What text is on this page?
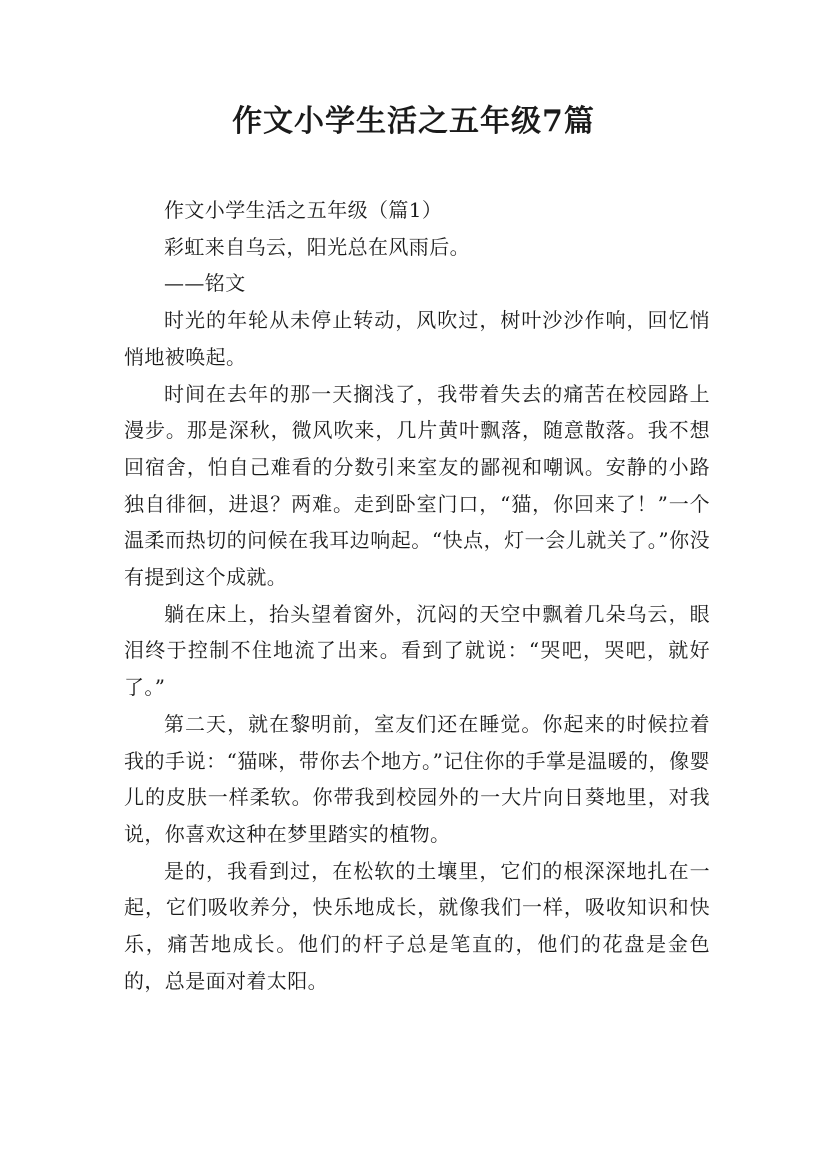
作文小学生活之五年级7篇

作文小学生活之五年级（篇1）

彩虹来自乌云，阳光总在风雨后。

——铭文

时光的年轮从未停止转动，风吹过，树叶沙沙作响，回忆悄悄地被唤起。

时间在去年的那一天搁浅了，我带着失去的痛苦在校园路上漫步。那是深秋，微风吹来，几片黄叶飘落，随意散落。我不想回宿舍，怕自己难看的分数引来室友的鄙视和嘲讽。安静的小路独自徘徊，进退？两难。走到卧室门口，“猫，你回来了！”一个温柔而热切的问候在我耳边响起。“快点，灯一会儿就关了。”你没有提到这个成就。

躺在床上，抬头望着窗外，沉闷的天空中飘着几朵乌云，眼泪终于控制不住地流了出来。看到了就说：“哭吧，哭吧，就好了。”

第二天，就在黎明前，室友们还在睡觉。你起来的时候拉着我的手说：“猫咪，带你去个地方。”记住你的手掌是温暖的，像婴儿的皮肤一样柔软。你带我到校园外的一大片向日葵地里，对我说，你喜欢这种在梦里踏实的植物。

是的，我看到过，在松软的土壤里，它们的根深深地扎在一起，它们吸收养分，快乐地成长，就像我们一样，吸收知识和快乐，痛苦地成长。他们的杆子总是笔直的，他们的花盘是金色的，总是面对着太阳。
